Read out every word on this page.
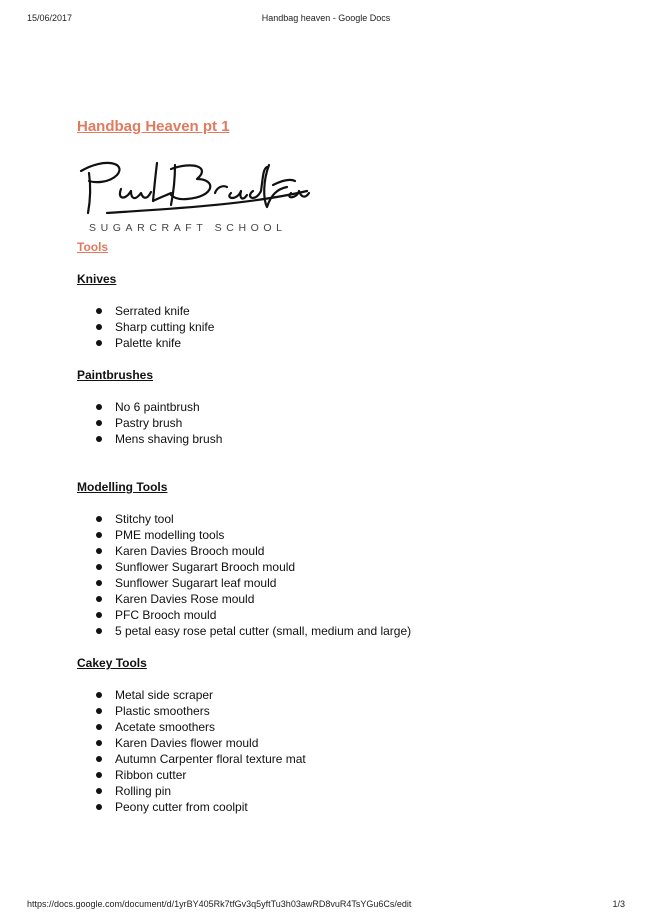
15/06/2017	Handbag heaven - Google Docs
Handbag Heaven pt 1
SUGARCRAFT SCHOOL
Tools
Knives
Serrated knife
Sharp cutting knife
Palette knife
Paintbrushes
No 6 paintbrush
Pastry brush
Mens shaving brush
Modelling Tools
Stitchy tool
PME modelling tools
Karen Davies Brooch mould
Sunflower Sugarart Brooch mould
Sunflower Sugarart leaf mould
Karen Davies Rose mould
PFC Brooch mould
5 petal easy rose petal cutter (small, medium and large)
Cakey Tools
Metal side scraper
Plastic smoothers
Acetate smoothers
Karen Davies flower mould
Autumn Carpenter floral texture mat
Ribbon cutter
Rolling pin
Peony cutter from coolpit
https://docs.google.com/document/d/1yrBY405Rk7tfGv3q5yftTu3h03awRD8vuR4TsYGu6Cs/edit	1/3
